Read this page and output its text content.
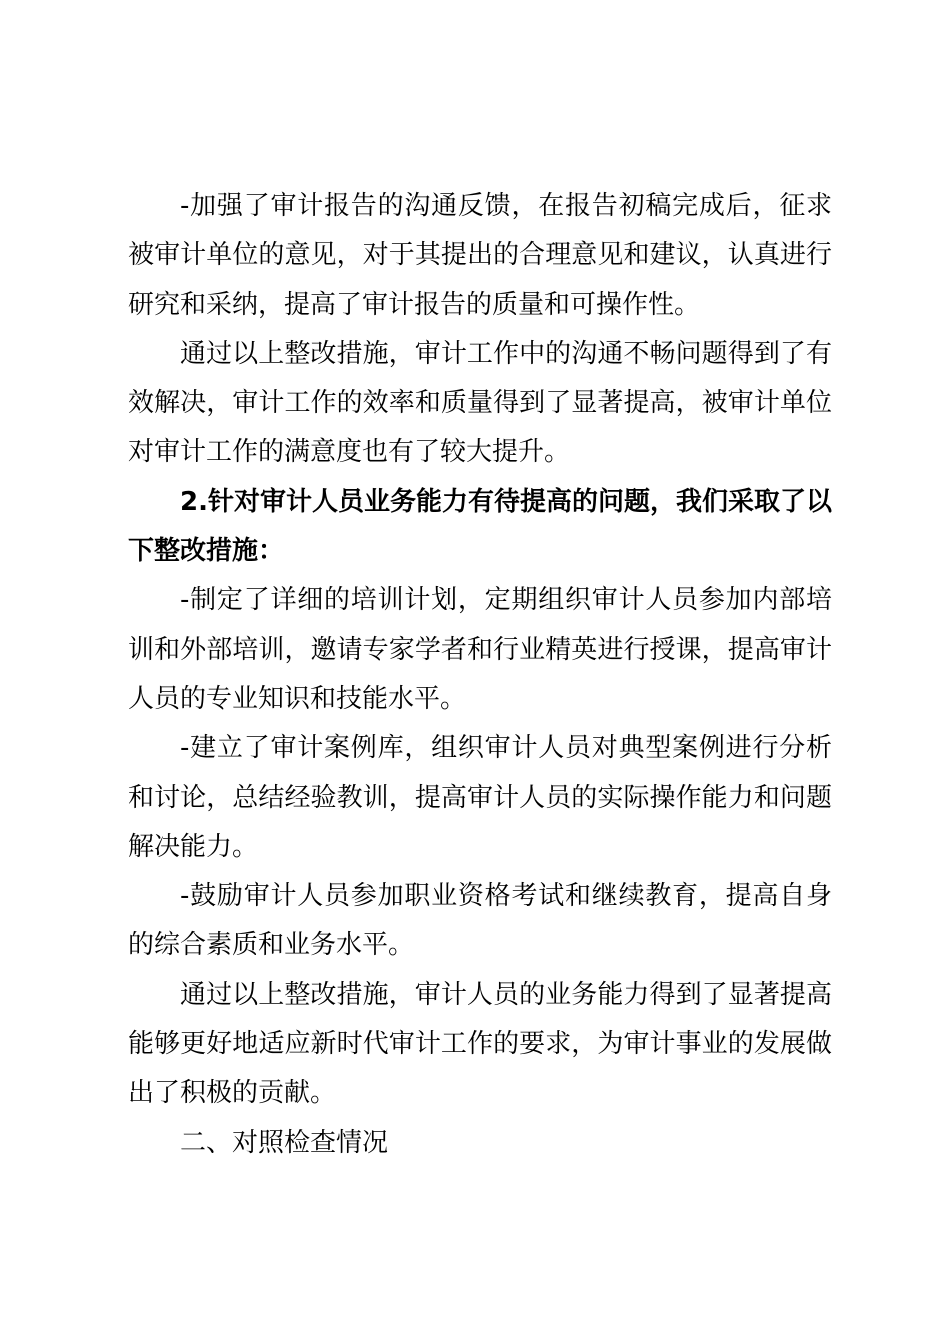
-加强了审计报告的沟通反馈，在报告初稿完成后，征求被审计单位的意见，对于其提出的合理意见和建议，认真进行研究和采纳，提高了审计报告的质量和可操作性。

通过以上整改措施，审计工作中的沟通不畅问题得到了有效解决，审计工作的效率和质量得到了显著提高，被审计单位对审计工作的满意度也有了较大提升。

2.针对审计人员业务能力有待提高的问题，我们采取了以下整改措施：

-制定了详细的培训计划，定期组织审计人员参加内部培训和外部培训，邀请专家学者和行业精英进行授课，提高审计人员的专业知识和技能水平。

-建立了审计案例库，组织审计人员对典型案例进行分析和讨论，总结经验教训，提高审计人员的实际操作能力和问题解决能力。

-鼓励审计人员参加职业资格考试和继续教育，提高自身的综合素质和业务水平。

通过以上整改措施，审计人员的业务能力得到了显著提高能够更好地适应新时代审计工作的要求，为审计事业的发展做出了积极的贡献。

二、对照检查情况
